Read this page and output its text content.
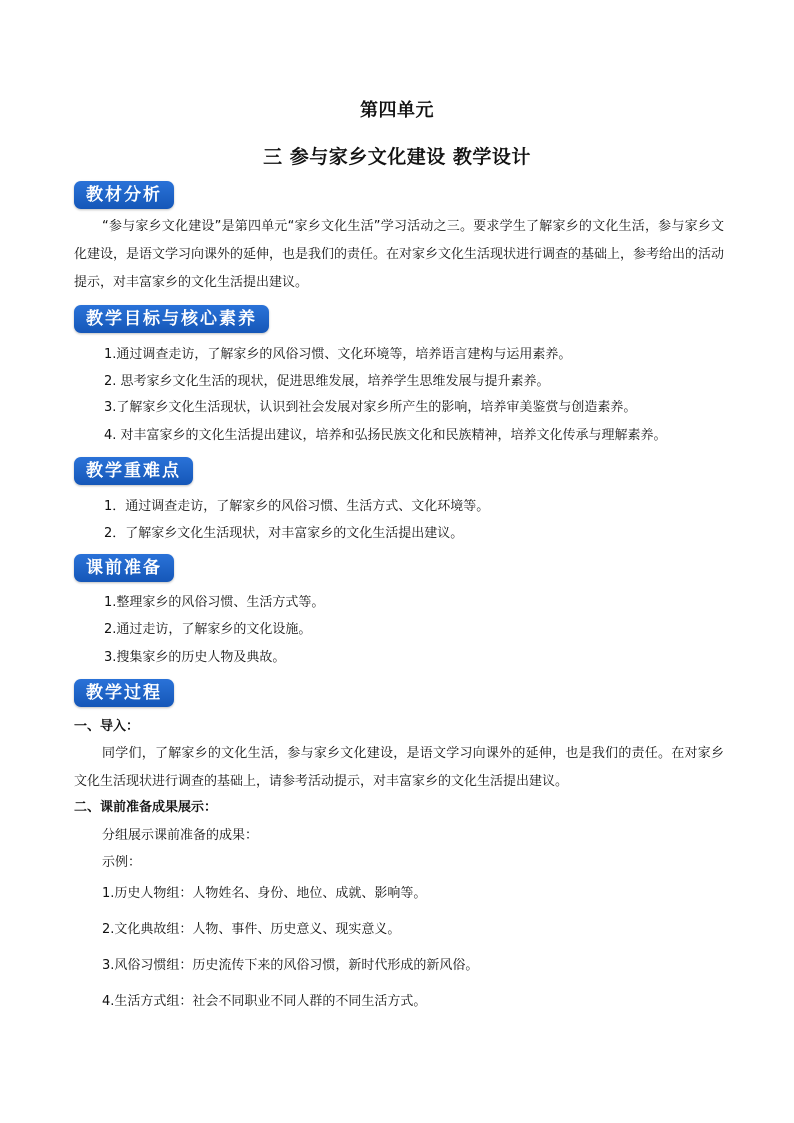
第四单元
三 参与家乡文化建设 教学设计
教材分析
“参与家乡文化建设”是第四单元“家乡文化生活”学习活动之三。要求学生了解家乡的文化生活，参与家乡文化建设，是语文学习向课外的延伸，也是我们的责任。在对家乡文化生活现状进行调查的基础上，参考给出的活动提示，对丰富家乡的文化生活提出建议。
教学目标与核心素养
1.通过调查走访，了解家乡的风俗习惯、文化环境等，培养语言建构与运用素养。
2. 思考家乡文化生活的现状，促进思维发展，培养学生思维发展与提升素养。
3.了解家乡文化生活现状，认识到社会发展对家乡所产生的影响，培养审美鉴赏与创造素养。
4. 对丰富家乡的文化生活提出建议，培养和弘扬民族文化和民族精神，培养文化传承与理解素养。
教学重难点
1．通过调查走访，了解家乡的风俗习惯、生活方式、文化环境等。
2．了解家乡文化生活现状，对丰富家乡的文化生活提出建议。
课前准备
1.整理家乡的风俗习惯、生活方式等。
2.通过走访，了解家乡的文化设施。
3.搜集家乡的历史人物及典故。
教学过程
一、导入：
同学们，了解家乡的文化生活，参与家乡文化建设，是语文学习向课外的延伸，也是我们的责任。在对家乡文化生活现状进行调查的基础上，请参考活动提示，对丰富家乡的文化生活提出建议。
二、课前准备成果展示：
分组展示课前准备的成果：
示例：
1.历史人物组：人物姓名、身份、地位、成就、影响等。
2.文化典故组：人物、事件、历史意义、现实意义。
3.风俗习惯组：历史流传下来的风俗习惯，新时代形成的新风俗。
4.生活方式组：社会不同职业不同人群的不同生活方式。
